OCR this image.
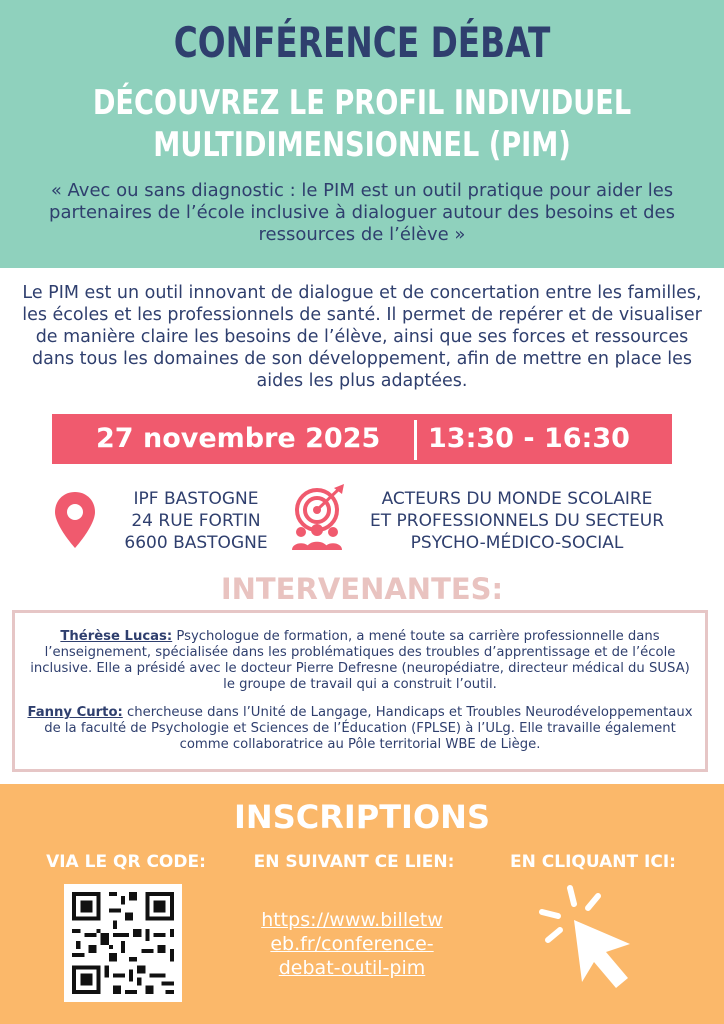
CONFÉRENCE DÉBAT
DÉCOUVREZ LE PROFIL INDIVIDUEL
MULTIDIMENSIONNEL (PIM)
« Avec ou sans diagnostic : le PIM est un outil pratique pour aider les partenaires de l’école inclusive à dialoguer autour des besoins et des ressources de l’élève »
Le PIM est un outil innovant de dialogue et de concertation entre les familles, les écoles et les professionnels de santé. Il permet de repérer et de visualiser de manière claire les besoins de l’élève, ainsi que ses forces et ressources dans tous les domaines de son développement, afin de mettre en place les aides les plus adaptées.
27 novembre 2025 13:30 - 16:30
IPF BASTOGNE
24 RUE FORTIN
6600 BASTOGNE
ACTEURS DU MONDE SCOLAIRE
ET PROFESSIONNELS DU SECTEUR
PSYCHO-MÉDICO-SOCIAL
INTERVENANTES:
Thérèse Lucas: Psychologue de formation, a mené toute sa carrière professionnelle dans l’enseignement, spécialisée dans les problématiques des troubles d’apprentissage et de l’école inclusive. Elle a présidé avec le docteur Pierre Defresne (neuropédiatre, directeur médical du SUSA) le groupe de travail qui a construit l’outil.
Fanny Curto: chercheuse dans l’Unité de Langage, Handicaps et Troubles Neurodéveloppementaux de la faculté de Psychologie et Sciences de l’Éducation (FPLSE) à l’ULg. Elle travaille également comme collaboratrice au Pôle territorial WBE de Liège.
INSCRIPTIONS
VIA LE QR CODE:	EN SUIVANT CE LIEN:	EN CLIQUANT ICI:
https://www.billetw
eb.fr/conference-
debat-outil-pim
